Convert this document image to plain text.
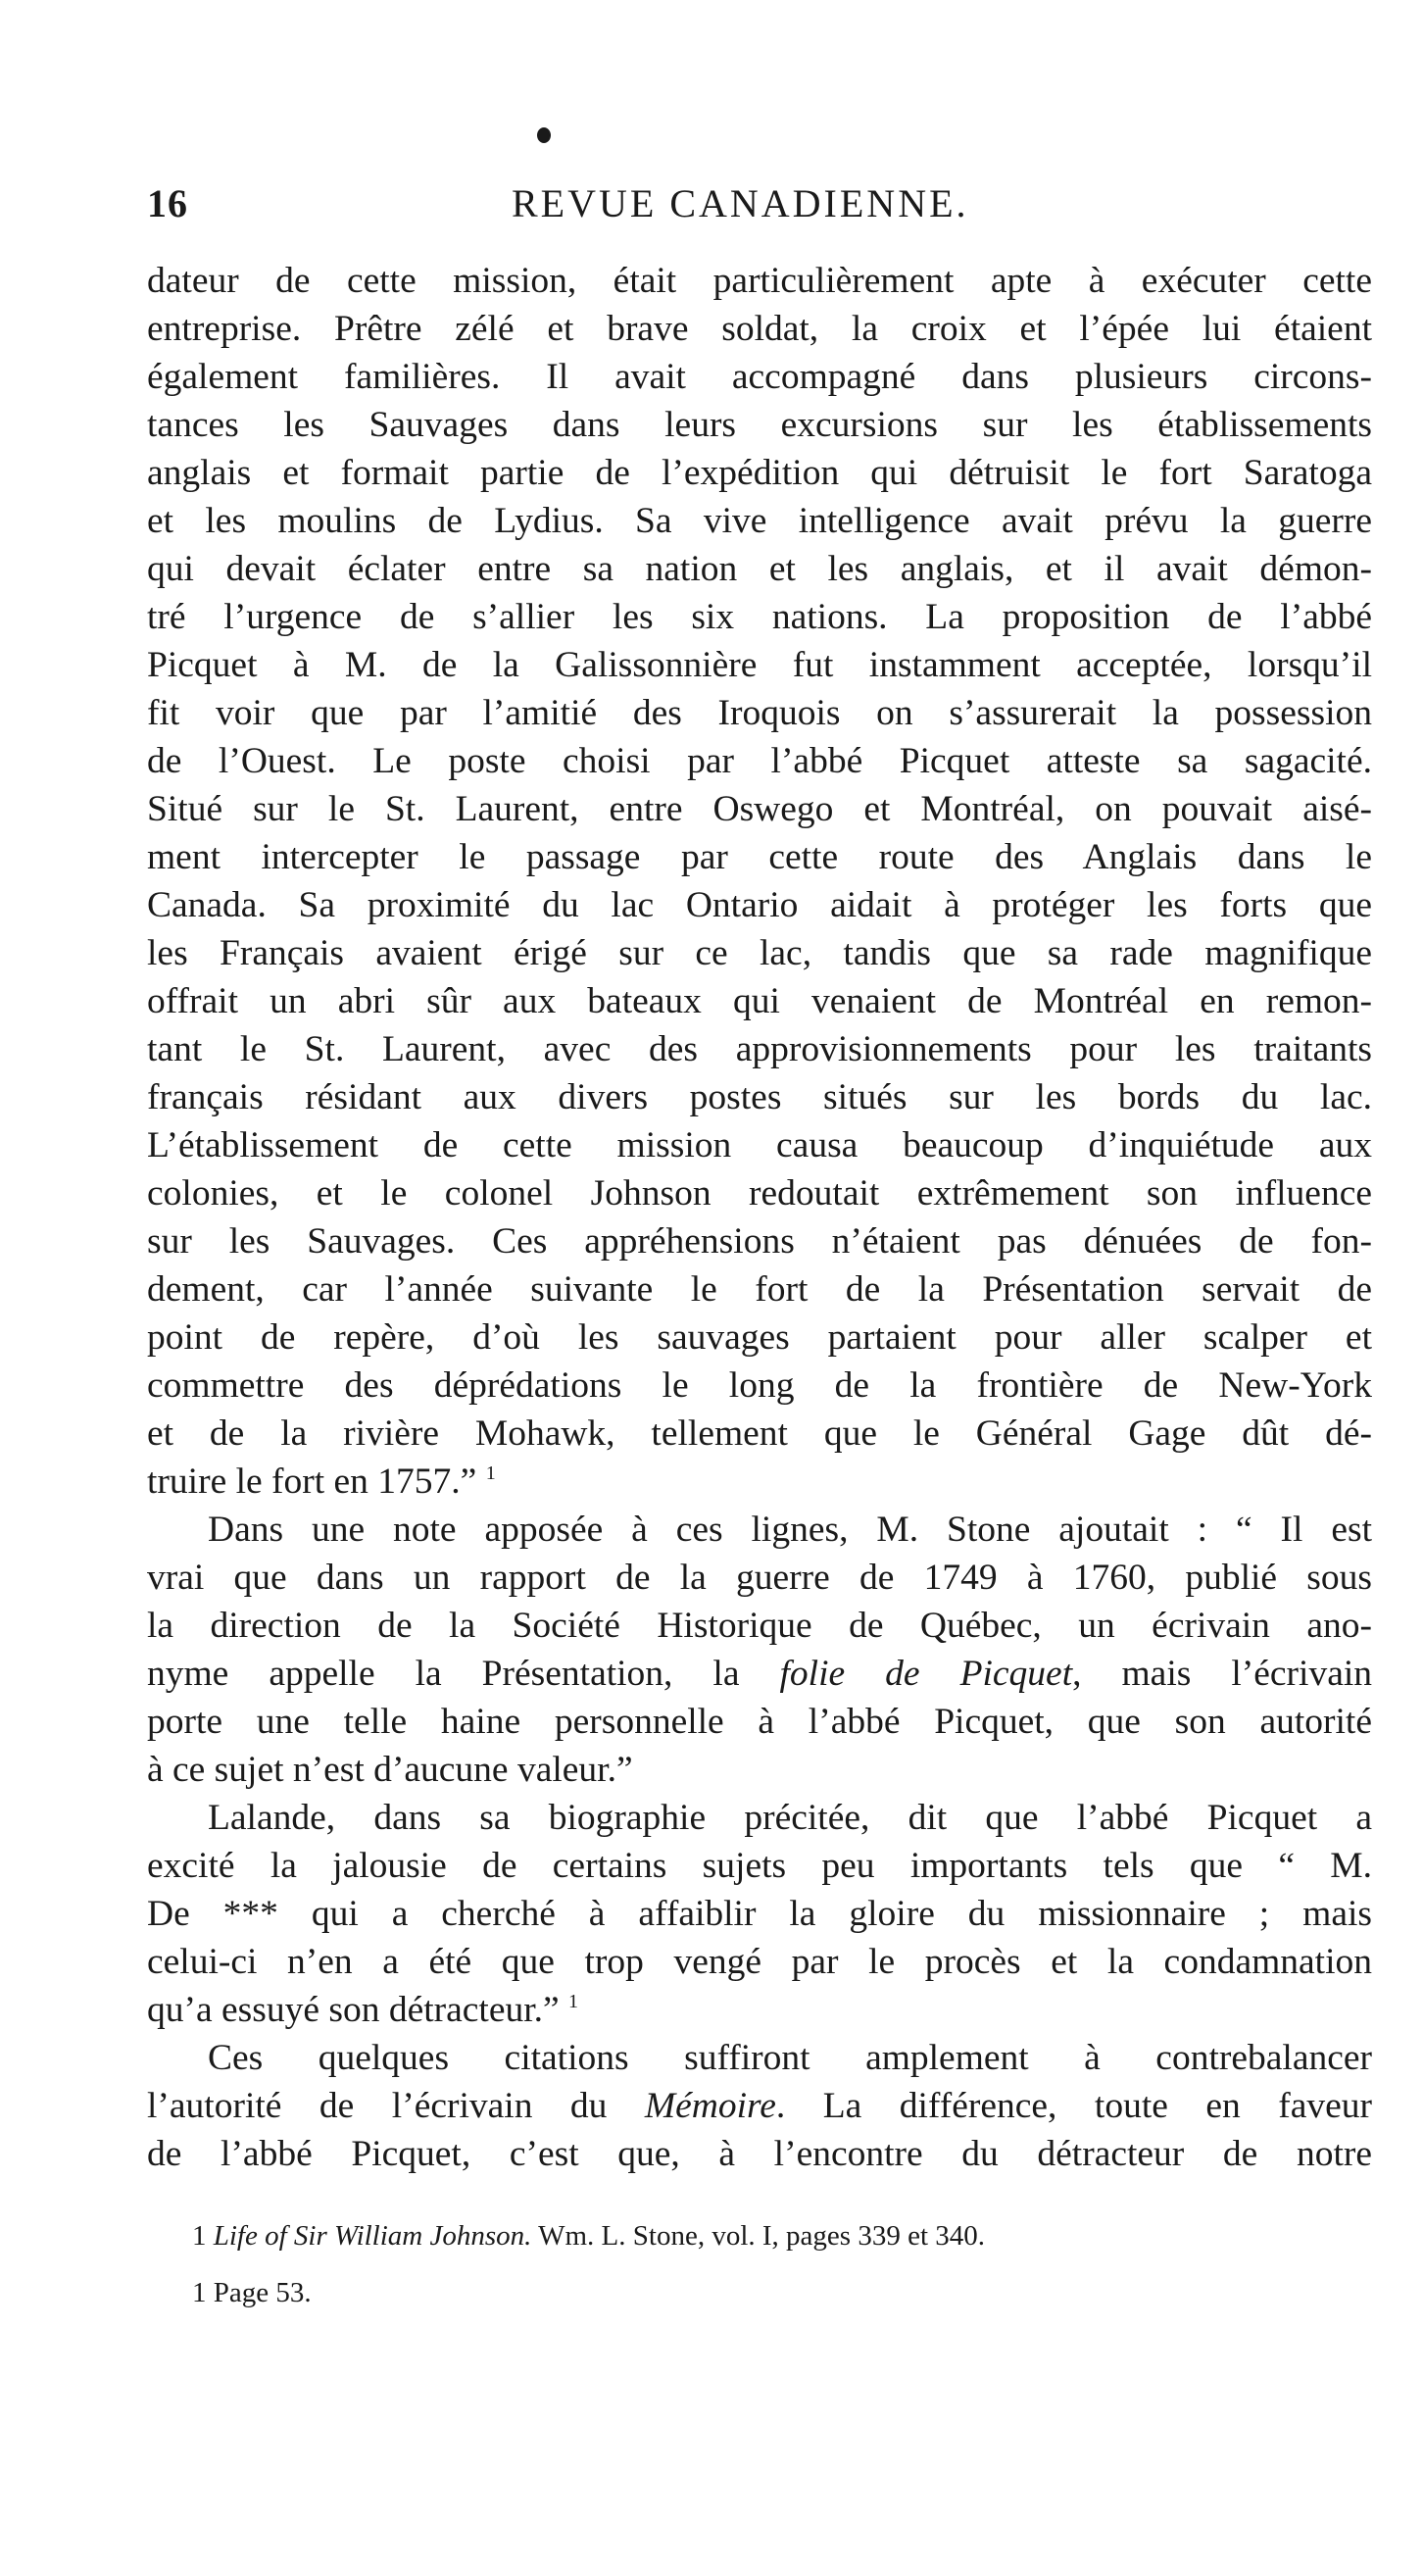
16	REVUE CANADIENNE.
dateur de cette mission, était particulièrement apte à exécuter cette
entreprise. Prêtre zélé et brave soldat, la croix et l’épée lui étaient
également familières. Il avait accompagné dans plusieurs circons-
tances les Sauvages dans leurs excursions sur les établissements
anglais et formait partie de l’expédition qui détruisit le fort Saratoga
et les moulins de Lydius. Sa vive intelligence avait prévu la guerre
qui devait éclater entre sa nation et les anglais, et il avait démon-
tré l’urgence de s’allier les six nations. La proposition de l’abbé
Picquet à M. de la Galissonnière fut instamment acceptée, lorsqu’il
fit voir que par l’amitié des Iroquois on s’assurerait la possession
de l’Ouest. Le poste choisi par l’abbé Picquet atteste sa sagacité.
Situé sur le St. Laurent, entre Oswego et Montréal, on pouvait aisé-
ment intercepter le passage par cette route des Anglais dans le
Canada. Sa proximité du lac Ontario aidait à protéger les forts que
les Français avaient érigé sur ce lac, tandis que sa rade magnifique
offrait un abri sûr aux bateaux qui venaient de Montréal en remon-
tant le St. Laurent, avec des approvisionnements pour les traitants
français résidant aux divers postes situés sur les bords du lac.
L’établissement de cette mission causa beaucoup d’inquiétude aux
colonies, et le colonel Johnson redoutait extrêmement son influence
sur les Sauvages. Ces appréhensions n’étaient pas dénuées de fon-
dement, car l’année suivante le fort de la Présentation servait de
point de repère, d’où les sauvages partaient pour aller scalper et
commettre des déprédations le long de la frontière de New-York
et de la rivière Mohawk, tellement que le Général Gage dût dé-
truire le fort en 1757.” $^1$
Dans une note apposée à ces lignes, M. Stone ajoutait : “ Il est
vrai que dans un rapport de la guerre de 1749 à 1760, publié sous
la direction de la Société Historique de Québec, un écrivain ano-
nyme appelle la Présentation, la folie de Picquet, mais l’écrivain
porte une telle haine personnelle à l’abbé Picquet, que son autorité
à ce sujet n’est d’aucune valeur.”
Lalande, dans sa biographie précitée, dit que l’abbé Picquet a
excité la jalousie de certains sujets peu importants tels que “ M.
De *** qui a cherché à affaiblir la gloire du missionnaire ; mais
celui-ci n’en a été que trop vengé par le procès et la condamnation
qu’a essuyé son détracteur.” $^1$
Ces quelques citations suffiront amplement à contrebalancer
l’autorité de l’écrivain du Mémoire. La différence, toute en faveur
de l’abbé Picquet, c’est que, à l’encontre du détracteur de notre
1 Life of Sir William Johnson. Wm. L. Stone, vol. I, pages 339 et 340.
1 Page 53.
